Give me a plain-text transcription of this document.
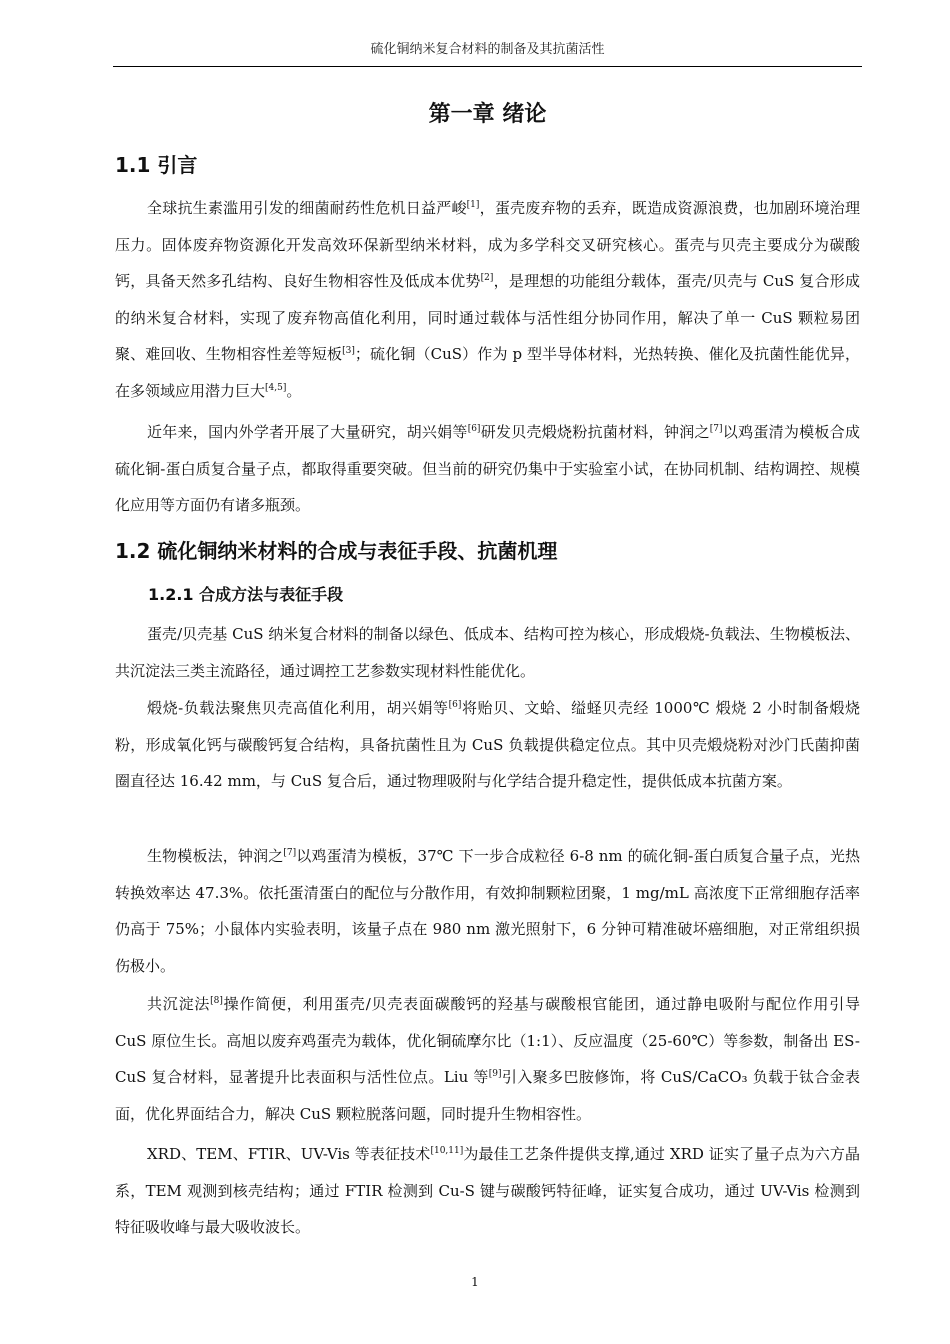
硫化铜纳米复合材料的制备及其抗菌活性
第一章 绪论
1.1 引言

全球抗生素滥用引发的细菌耐药性危机日益严峻[1]，蛋壳废弃物的丢弃，既造成资源浪费，也加剧环境治理压力。固体废弃物资源化开发高效环保新型纳米材料，成为多学科交叉研究核心。蛋壳与贝壳主要成分为碳酸钙，具备天然多孔结构、良好生物相容性及低成本优势[2]，是理想的功能组分载体，蛋壳/贝壳与 CuS 复合形成的纳米复合材料，实现了废弃物高值化利用，同时通过载体与活性组分协同作用，解决了单一 CuS 颗粒易团聚、难回收、生物相容性差等短板[3]；硫化铜（CuS）作为 p 型半导体材料，光热转换、催化及抗菌性能优异，在多领域应用潜力巨大[4,5]。

近年来，国内外学者开展了大量研究，胡兴娟等[6]研发贝壳煅烧粉抗菌材料，钟润之[7]以鸡蛋清为模板合成硫化铜-蛋白质复合量子点，都取得重要突破。但当前的研究仍集中于实验室小试，在协同机制、结构调控、规模化应用等方面仍有诸多瓶颈。

1.2 硫化铜纳米材料的合成与表征手段、抗菌机理
1.2.1 合成方法与表征手段

蛋壳/贝壳基 CuS 纳米复合材料的制备以绿色、低成本、结构可控为核心，形成煅烧-负载法、生物模板法、共沉淀法三类主流路径，通过调控工艺参数实现材料性能优化。

煅烧-负载法聚焦贝壳高值化利用，胡兴娟等[6]将贻贝、文蛤、缢蛏贝壳经 1000℃ 煅烧 2 小时制备煅烧粉，形成氧化钙与碳酸钙复合结构，具备抗菌性且为 CuS 负载提供稳定位点。其中贝壳煅烧粉对沙门氏菌抑菌圈直径达 16.42 mm，与 CuS 复合后，通过物理吸附与化学结合提升稳定性，提供低成本抗菌方案。

生物模板法，钟润之[7]以鸡蛋清为模板，37℃ 下一步合成粒径 6-8 nm 的硫化铜-蛋白质复合量子点，光热转换效率达 47.3%。依托蛋清蛋白的配位与分散作用，有效抑制颗粒团聚，1 mg/mL 高浓度下正常细胞存活率仍高于 75%；小鼠体内实验表明，该量子点在 980 nm 激光照射下，6 分钟可精准破坏癌细胞，对正常组织损伤极小。

共沉淀法[8]操作简便，利用蛋壳/贝壳表面碳酸钙的羟基与碳酸根官能团，通过静电吸附与配位作用引导 CuS 原位生长。高旭以废弃鸡蛋壳为载体，优化铜硫摩尔比（1:1）、反应温度（25-60℃）等参数，制备出 ES-CuS 复合材料，显著提升比表面积与活性位点。Liu 等[9]引入聚多巴胺修饰，将 CuS/CaCO₃ 负载于钛合金表面，优化界面结合力，解决 CuS 颗粒脱落问题，同时提升生物相容性。

XRD、TEM、FTIR、UV-Vis 等表征技术[10,11]为最佳工艺条件提供支撑,通过 XRD 证实了量子点为六方晶系，TEM 观测到核壳结构；通过 FTIR 检测到 Cu-S 键与碳酸钙特征峰，证实复合成功，通过 UV-Vis 检测到特征吸收峰与最大吸收波长。

1
